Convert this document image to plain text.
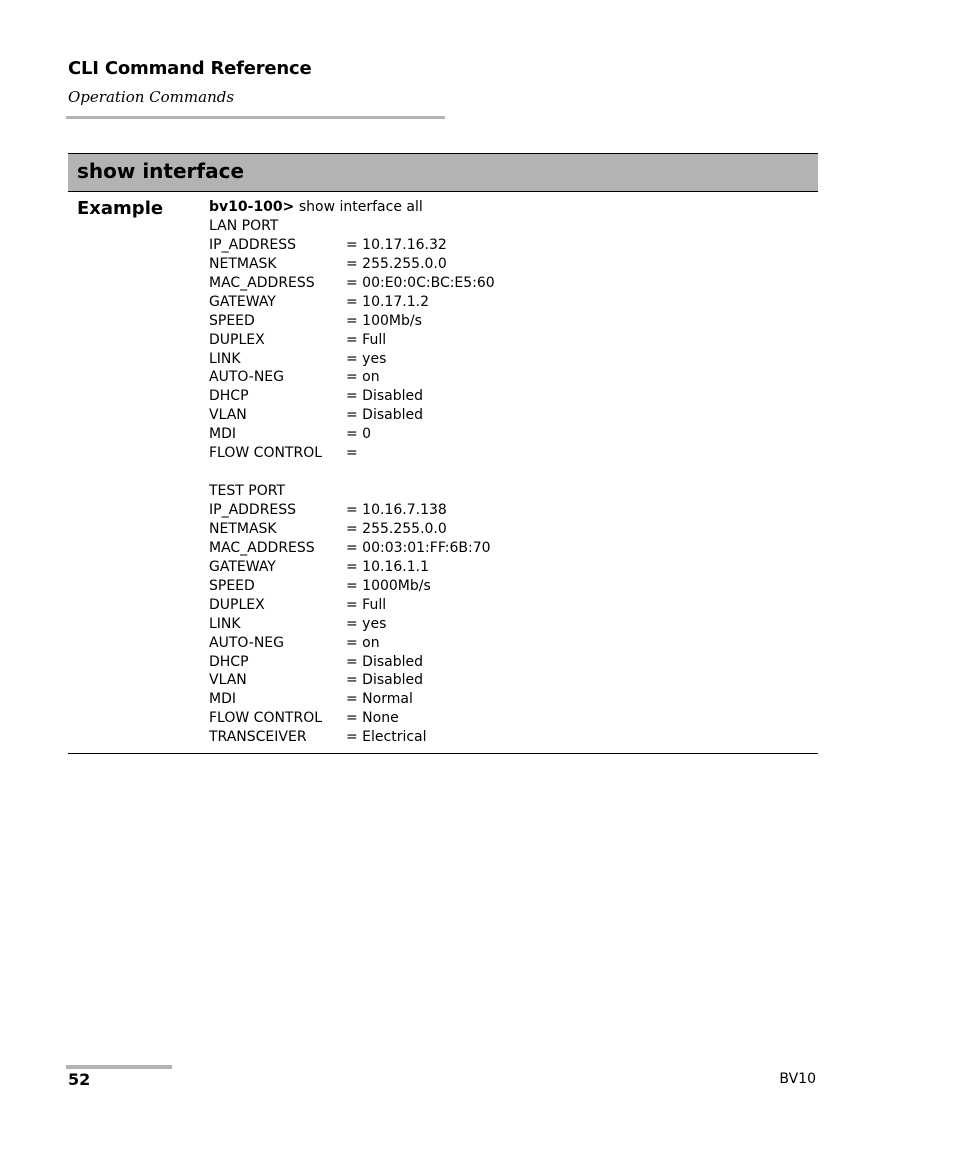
CLI Command Reference
Operation Commands
show interface
Example	bv10-100> show interface all
LAN PORT
IP_ADDRESS	= 10.17.16.32
NETMASK	= 255.255.0.0
MAC_ADDRESS = 00:E0:0C:BC:E5:60
GATEWAY	= 10.17.1.2
SPEED	= 100Mb/s
DUPLEX	= Full
LINK	= yes
AUTO-NEG	= on
DHCP	= Disabled
VLAN	= Disabled
MDI	= 0
FLOW CONTROL =
TEST PORT
IP_ADDRESS	= 10.16.7.138
NETMASK	= 255.255.0.0
MAC_ADDRESS = 00:03:01:FF:6B:70
GATEWAY	= 10.16.1.1
SPEED	= 1000Mb/s
DUPLEX	= Full
LINK	= yes
AUTO-NEG	= on
DHCP	= Disabled
VLAN	= Disabled
MDI	= Normal
FLOW CONTROL = None
TRANSCEIVER	= Electrical
52	BV10
